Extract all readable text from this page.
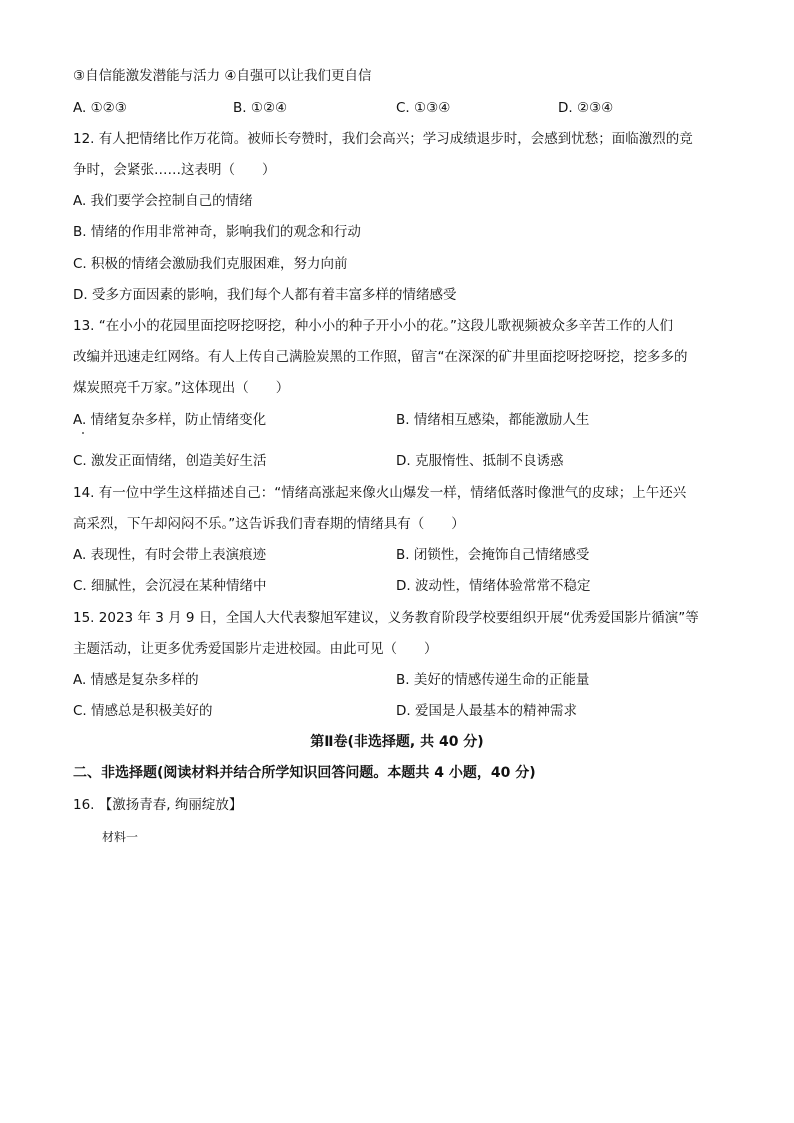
③自信能激发潜能与活力 ④自强可以让我们更自信
A. ①②③	B. ①②④	C. ①③④	D. ②③④
12. 有人把情绪比作万花筒。被师长夸赞时，我们会高兴；学习成绩退步时，会感到忧愁；面临激烈的竞
争时，会紧张……这表明（　　）
A. 我们要学会控制自己的情绪
B. 情绪的作用非常神奇，影响我们的观念和行动
C. 积极的情绪会激励我们克服困难，努力向前
D. 受多方面因素的影响，我们每个人都有着丰富多样的情绪感受
13. “在小小的花园里面挖呀挖呀挖，种小小的种子开小小的花。”这段儿歌视频被众多辛苦工作的人们
改编并迅速走红网络。有人上传自己满脸炭黑的工作照，留言“在深深的矿井里面挖呀挖呀挖，挖多多的
煤炭照亮千万家。”这体现出（　　）
A. 情绪复杂多样，防止情绪变化	B. 情绪相互感染，都能激励人生
C. 激发正面情绪，创造美好生活	D. 克服惰性、抵制不良诱惑
14. 有一位中学生这样描述自己：“情绪高涨起来像火山爆发一样，情绪低落时像泄气的皮球；上午还兴
高采烈，下午却闷闷不乐。”这告诉我们青春期的情绪具有（　　）
A. 表现性，有时会带上表演痕迹	B. 闭锁性，会掩饰自己情绪感受
C. 细腻性，会沉浸在某种情绪中	D. 波动性，情绪体验常常不稳定
15. 2023 年 3 月 9 日，全国人大代表黎旭军建议，义务教育阶段学校要组织开展“优秀爱国影片循演”等
主题活动，让更多优秀爱国影片走进校园。由此可见（　　）
A. 情感是复杂多样的	B. 美好的情感传递生命的正能量
C. 情感总是积极美好的	D. 爱国是人最基本的精神需求
第Ⅱ卷(非选择题, 共 40 分)
二、非选择题(阅读材料并结合所学知识回答问题。本题共 4 小题，40 分)
16. 【激扬青春, 绚丽绽放】
材料一
